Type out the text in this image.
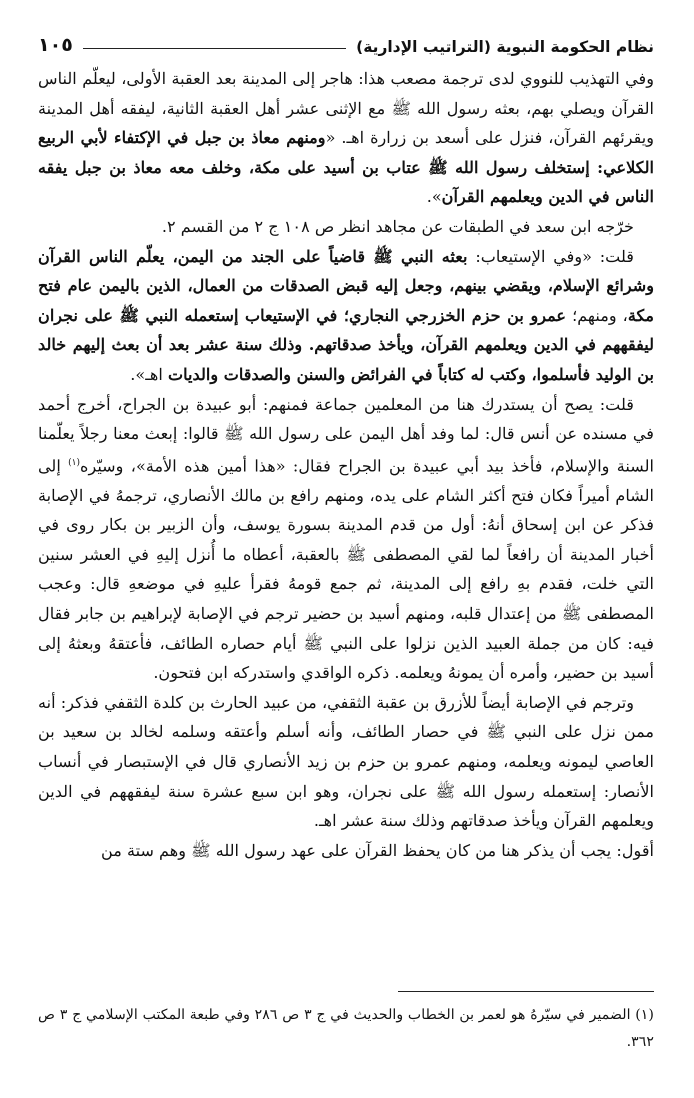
نظام الحكومة النبوية (التراتيب الإدارية)
١٠٥

وفي التهذيب للنووي لدى ترجمة مصعب هذا: هاجر إلى المدينة بعد العقبة الأولى، ليعلّم الناس القرآن ويصلي بهم، بعثه رسول الله ﷺ مع الإثنى عشر أهل العقبة الثانية، ليفقه أهل المدينة ويقرئهم القرآن، فنزل على أسعد بن زرارة اهـ. «ومنهم معاذ بن جبل في الإكتفاء لأبي الربيع الكلاعي: إستخلف رسول الله ﷺ عتاب بن أسيد على مكة، وخلف معه معاذ بن جبل يفقه الناس في الدين ويعلمهم القرآن».

خرّجه ابن سعد في الطبقات عن مجاهد انظر ص ١٠٨ ج ٢ من القسم ٢.

قلت: «وفي الإستيعاب: بعثه النبي ﷺ قاضياً على الجند من اليمن، يعلّم الناس القرآن وشرائع الإسلام، ويقضي بينهم، وجعل إليه قبض الصدقات من العمال، الذين باليمن عام فتح مكة، ومنهم؛ عمرو بن حزم الخزرجي النجاري؛ في الإستيعاب إستعمله النبي ﷺ على نجران ليفقههم في الدين ويعلمهم القرآن، ويأخذ صدقاتهم. وذلك سنة عشر بعد أن بعث إليهم خالد بن الوليد فأسلموا، وكتب له كتاباً في الفرائض والسنن والصدقات والديات اهـ».

قلت: يصح أن يستدرك هنا من المعلمين جماعة فمنهم: أبو عبيدة بن الجراح، أخرج أحمد في مسنده عن أنس قال: لما وفد أهل اليمن على رسول الله ﷺ قالوا: إبعث معنا رجلاً يعلّمنا السنة والإسلام، فأخذ بيد أبي عبيدة بن الجراح فقال: «هذا أمين هذه الأمة»، وسيّره$^{(١)}$ إلى الشام أميراً فكان فتح أكثر الشام على يده، ومنهم رافع بن مالك الأنصاري، ترجمهُ في الإصابة فذكر عن ابن إسحاق أنهُ: أول من قدم المدينة بسورة يوسف، وأن الزبير بن بكار روى في أخبار المدينة أن رافعاً لما لقي المصطفى ﷺ بالعقبة، أعطاه ما أُنزل إليهِ في العشر سنين التي خلت، فقدم بهِ رافع إلى المدينة، ثم جمع قومهُ فقرأ عليهِ في موضعهِ قال: وعجب المصطفى ﷺ من إعتدال قلبه، ومنهم أسيد بن حضير ترجم في الإصابة لإبراهيم بن جابر فقال فيه: كان من جملة العبيد الذين نزلوا على النبي ﷺ أيام حصاره الطائف، فأعتقهُ وبعثهُ إلى أسيد بن حضير، وأمره أن يمونهُ ويعلمه. ذكره الواقدي واستدركه ابن فتحون.

وترجم في الإصابة أيضاً للأزرق بن عقبة الثقفي، من عبيد الحارث بن كلدة الثقفي فذكر: أنه ممن نزل على النبي ﷺ في حصار الطائف، وأنه أسلم وأعتقه وسلمه لخالد بن سعيد بن العاصي ليمونه ويعلمه، ومنهم عمرو بن حزم بن زيد الأنصاري قال في الإستبصار في أنساب الأنصار: إستعمله رسول الله ﷺ على نجران، وهو ابن سبع عشرة سنة ليفقههم في الدين ويعلمهم القرآن ويأخذ صدقاتهم وذلك سنة عشر اهـ.

أقول: يجب أن يذكر هنا من كان يحفظ القرآن على عهد رسول الله ﷺ وهم ستة من

(١) الضمير في سيّرهُ هو لعمر بن الخطاب والحديث في ج ٣ ص ٢٨٦ وفي طبعة المكتب الإسلامي ج ٣ ص ٣٦٢.
